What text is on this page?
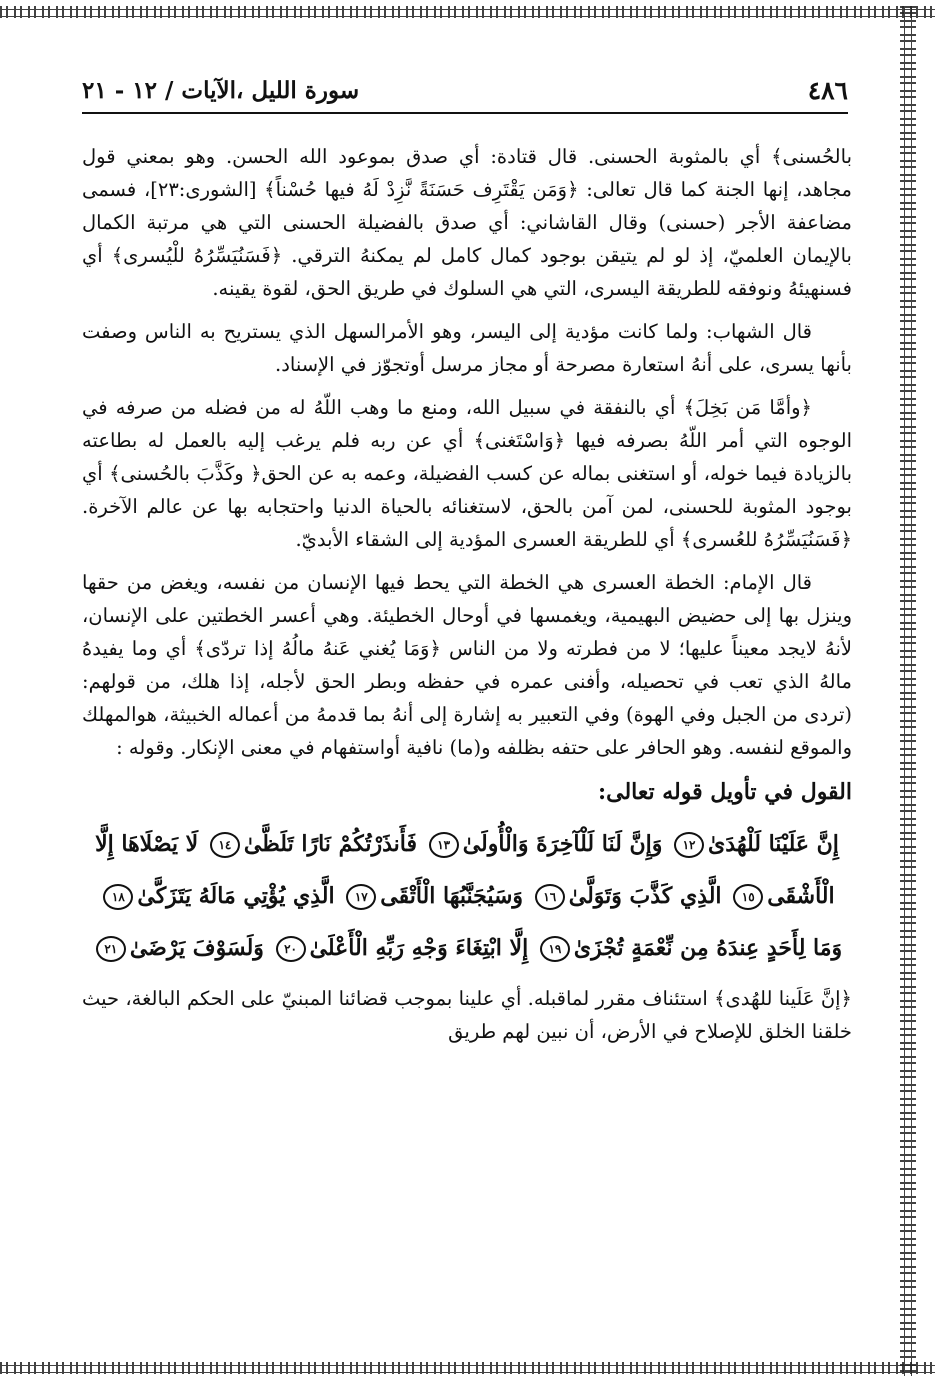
٤٨٦
سورة الليل ،الآيات / ١٢ - ٢١

بالحُسنى﴾ أي بالمثوبة الحسنى. قال قتادة: أي صدق بموعود الله الحسن. وهو بمعني قول مجاهد، إنها الجنة كما قال تعالى: ﴿وَمَن يَقْتَرِف حَسَنَةً نَّزِدْ لَهُ فيها حُسْناً﴾ [الشورى:٢٣]، فسمى مضاعفة الأجر (حسنى) وقال القاشاني: أي صدق بالفضيلة الحسنى التي هي مرتبة الكمال بالإيمان العلميّ، إذ لو لم يتيقن بوجود كمال كامل لم يمكنهُ الترقي. ﴿فَسَنُيَسِّرُهُ للْيُسرى﴾ أي فسنهيئهُ ونوفقه للطريقة اليسرى، التي هي السلوك في طريق الحق، لقوة يقينه.

قال الشهاب: ولما كانت مؤدية إلى اليسر، وهو الأمرالسهل الذي يستريح به الناس وصفت بأنها يسرى، على أنهُ استعارة مصرحة أو مجاز مرسل أوتجوّز في الإسناد.

﴿وأمَّا مَن بَخِلَ﴾ أي بالنفقة في سبيل الله، ومنع ما وهب اللّهُ له من فضله من صرفه في الوجوه التي أمر اللّهُ بصرفه فيها ﴿وَاسْتَغنى﴾ أي عن ربه فلم يرغب إليه بالعمل له بطاعته بالزيادة فيما خوله، أو استغنى بماله عن كسب الفضيلة، وعمه به عن الحق﴿ وكَذَّبَ بالحُسنى﴾ أي بوجود المثوبة للحسنى، لمن آمن بالحق، لاستغنائه بالحياة الدنيا واحتجابه بها عن عالم الآخرة. ﴿فَسَنُيَسِّرُهُ للعُسرى﴾ أي للطريقة العسرى المؤدية إلى الشقاء الأبديّ.

قال الإمام: الخطة العسرى هي الخطة التي يحط فيها الإنسان من نفسه، ويغض من حقها وينزل بها إلى حضيض البهيمية، ويغمسها في أوحال الخطيئة. وهي أعسر الخطتين على الإنسان، لأنهُ لايجد معيناً عليها؛ لا من فطرته ولا من الناس ﴿وَمَا يُغني عَنهُ مالُهُ إذا تردّى﴾ أي وما يفيدهُ مالهُ الذي تعب في تحصيله، وأفنى عمره في حفظه وبطر الحق لأجله، إذا هلك، من قولهم: (تردى من الجبل وفي الهوة) وفي التعبير به إشارة إلى أنهُ بما قدمهُ من أعماله الخبيثة، هوالمهلك والموقع لنفسه. وهو الحافر على حتفه بظلفه و(ما) نافية أواستفهام في معنى الإنكار. وقوله :

القول في تأويل قوله تعالى:
إِنَّ عَلَيْنَا لَلْهُدَىٰ١٢ وَإِنَّ لَنَا لَلْآخِرَةَ وَالْأُولَىٰ١٣ فَأَنذَرْتُكُمْ نَارًا تَلَظَّىٰ١٤ لَا يَصْلَاهَا إِلَّا الْأَشْقَى١٥ الَّذِي كَذَّبَ وَتَوَلَّىٰ١٦ وَسَيُجَنَّبُهَا الْأَتْقَى١٧ الَّذِي يُؤْتِي مَالَهُ يَتَزَكَّىٰ١٨ وَمَا لِأَحَدٍ عِندَهُ مِن نِّعْمَةٍ تُجْزَىٰ١٩ إِلَّا ابْتِغَاءَ وَجْهِ رَبِّهِ الْأَعْلَىٰ٢٠ وَلَسَوْفَ يَرْضَىٰ٢١

﴿إنَّ عَلَينا للهُدى﴾ استئناف مقرر لماقبله. أي علينا بموجب قضائنا المبنيّ على الحكم البالغة، حيث خلقنا الخلق للإصلاح في الأرض، أن نبين لهم طريق
